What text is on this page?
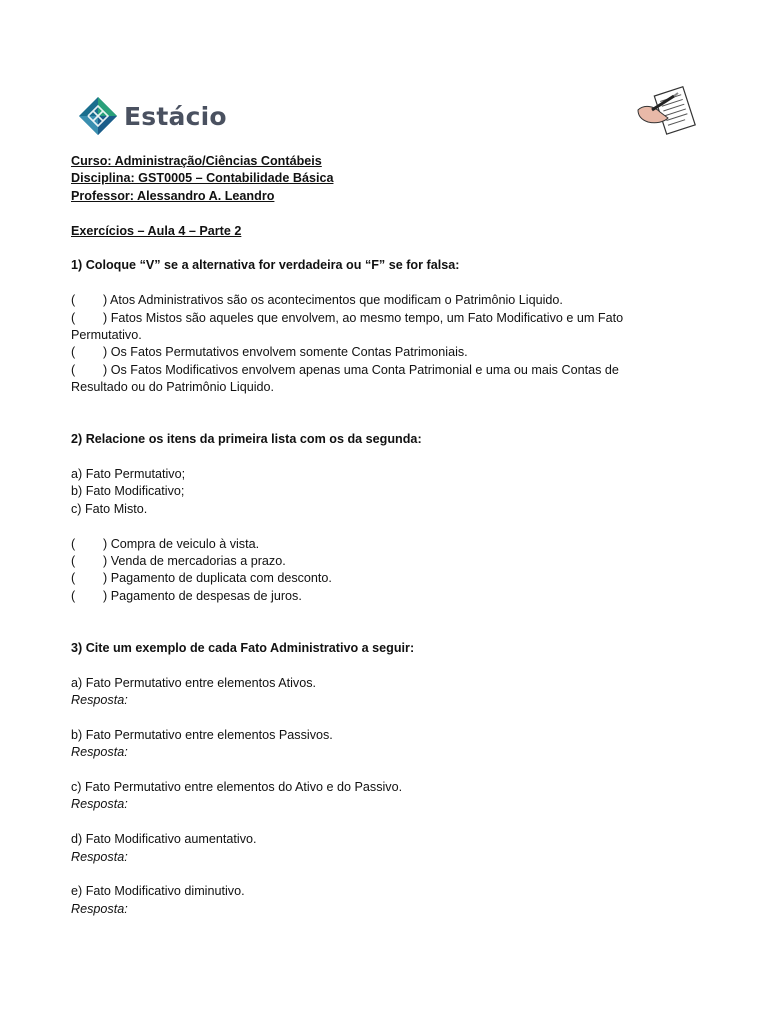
Estácio
Curso: Administração/Ciências Contábeis
Disciplina: GST0005 – Contabilidade Básica
Professor: Alessandro A. Leandro
Exercícios – Aula 4 – Parte 2
1) Coloque “V” se a alternativa for verdadeira ou “F” se for falsa:
( ) Atos Administrativos são os acontecimentos que modificam o Patrimônio Liquido.
( ) Fatos Mistos são aqueles que envolvem, ao mesmo tempo, um Fato Modificativo e um Fato
Permutativo.
( ) Os Fatos Permutativos envolvem somente Contas Patrimoniais.
( ) Os Fatos Modificativos envolvem apenas uma Conta Patrimonial e uma ou mais Contas de
Resultado ou do Patrimônio Liquido.
2) Relacione os itens da primeira lista com os da segunda:
a) Fato Permutativo;
b) Fato Modificativo;
c) Fato Misto.
( ) Compra de veiculo à vista.
( ) Venda de mercadorias a prazo.
( ) Pagamento de duplicata com desconto.
( ) Pagamento de despesas de juros.
3) Cite um exemplo de cada Fato Administrativo a seguir:
a) Fato Permutativo entre elementos Ativos.
Resposta:
b) Fato Permutativo entre elementos Passivos.
Resposta:
c) Fato Permutativo entre elementos do Ativo e do Passivo.
Resposta:
d) Fato Modificativo aumentativo.
Resposta:
e) Fato Modificativo diminutivo.
Resposta:
